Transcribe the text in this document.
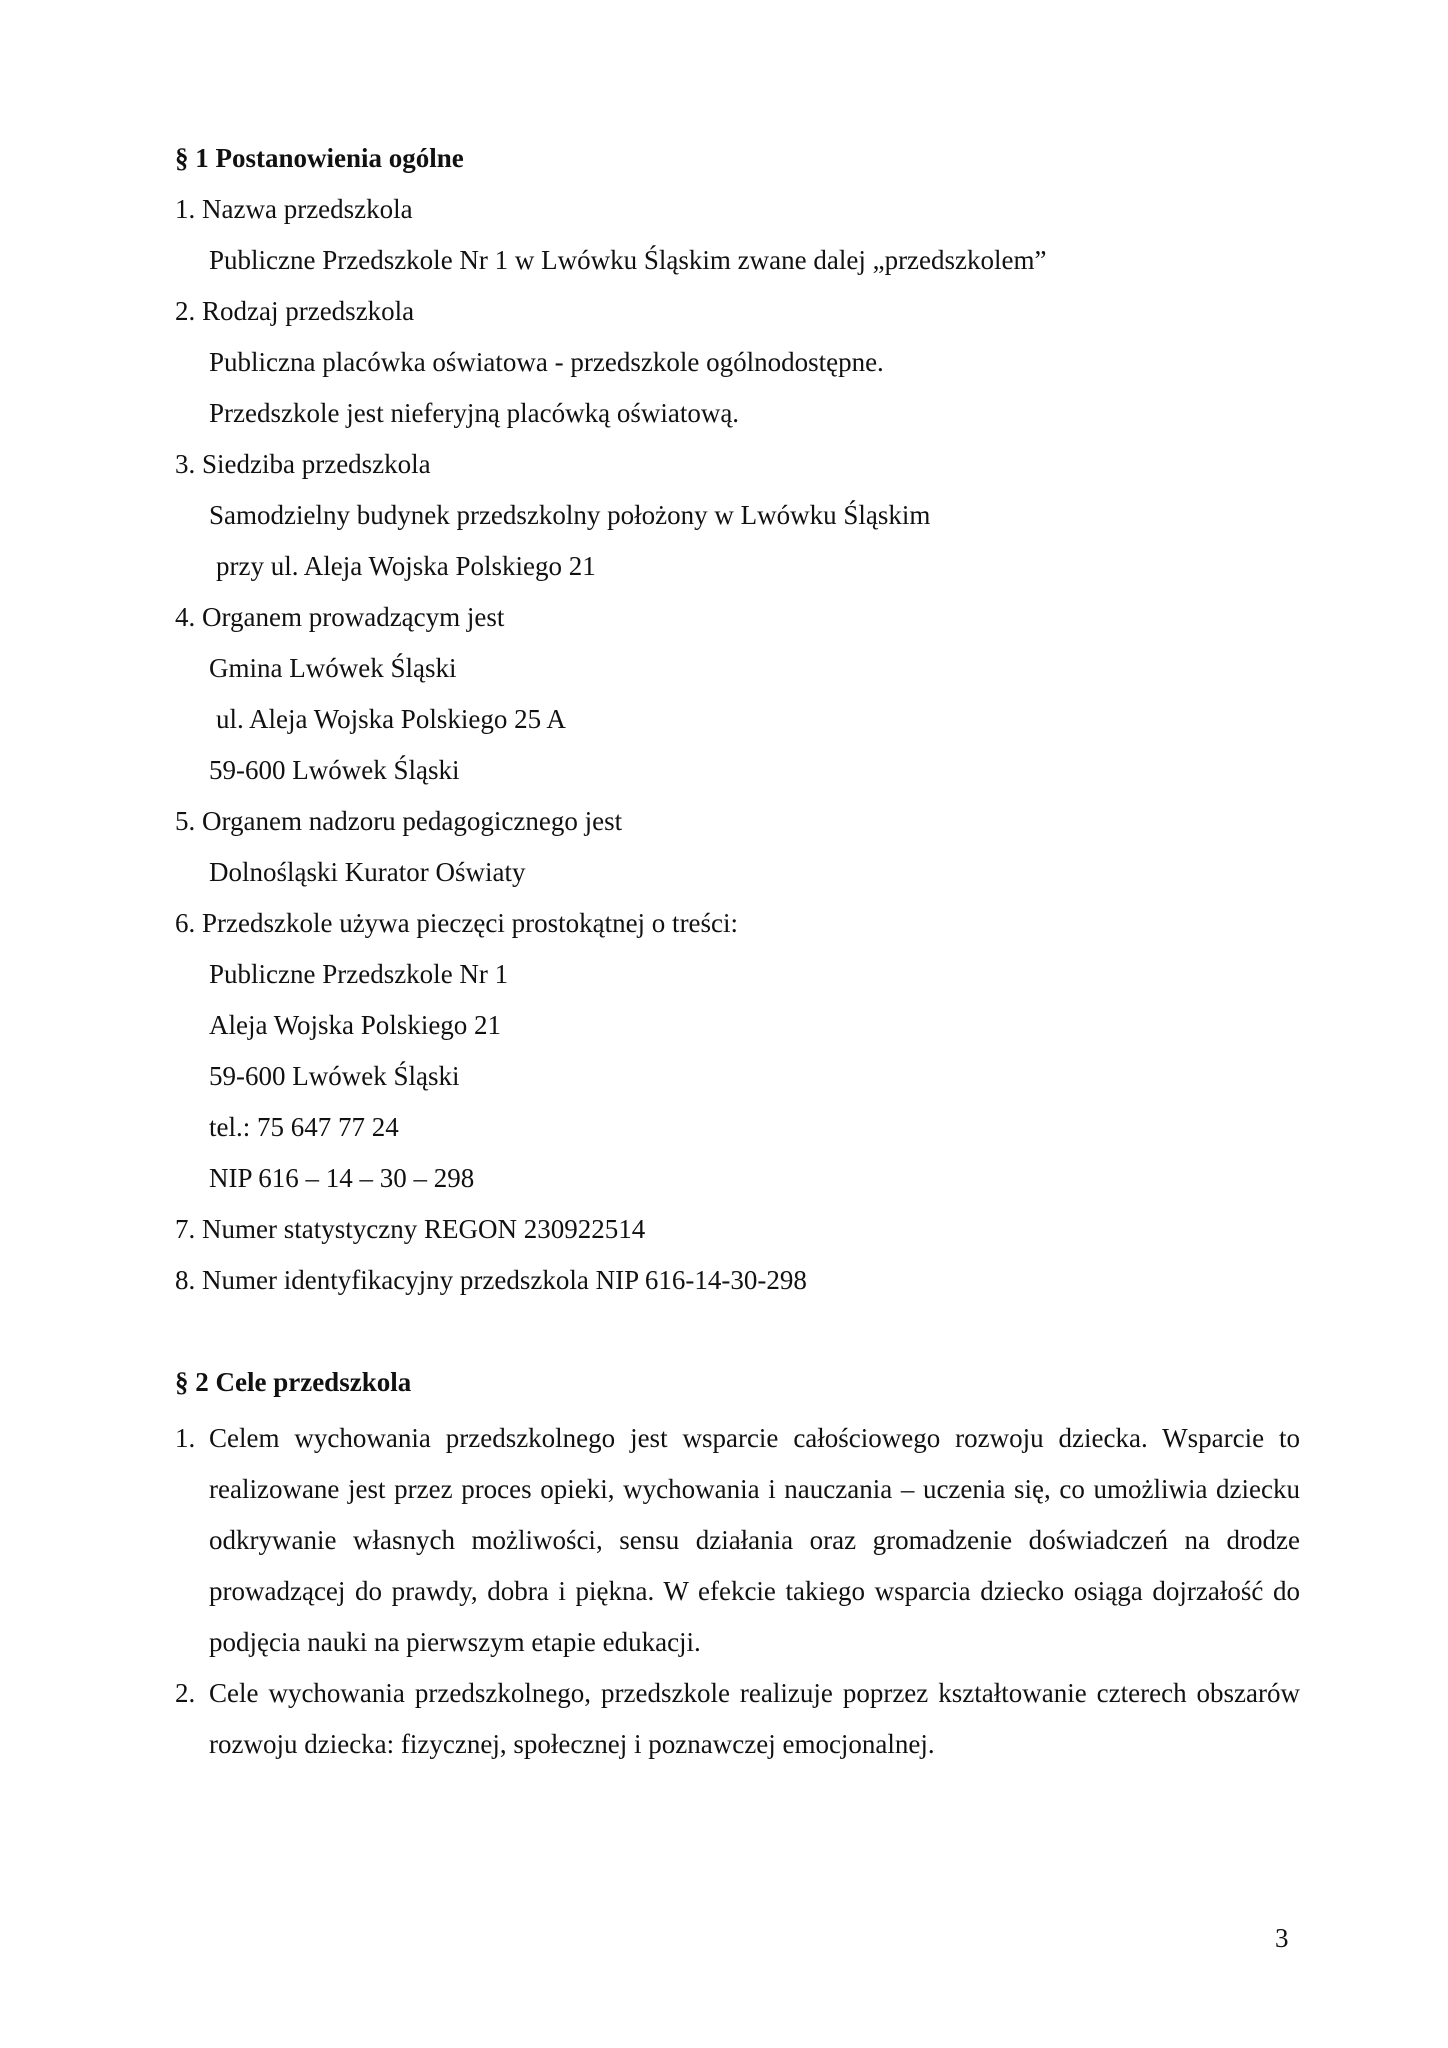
§ 1 Postanowienia ogólne
1. Nazwa przedszkola
Publiczne Przedszkole Nr 1 w Lwówku Śląskim zwane dalej „przedszkolem”
2. Rodzaj przedszkola
Publiczna placówka oświatowa - przedszkole ogólnodostępne.
Przedszkole jest nieferyjną placówką oświatową.
3. Siedziba przedszkola
Samodzielny budynek przedszkolny położony w Lwówku Śląskim
przy ul. Aleja Wojska Polskiego 21
4. Organem prowadzącym jest
Gmina Lwówek Śląski
ul. Aleja Wojska Polskiego 25 A
59-600 Lwówek Śląski
5. Organem nadzoru pedagogicznego jest
Dolnośląski Kurator Oświaty
6. Przedszkole używa pieczęci prostokątnej o treści:
Publiczne Przedszkole Nr 1
Aleja Wojska Polskiego 21
59-600 Lwówek Śląski
tel.: 75 647 77 24
NIP 616 – 14 – 30 – 298
7. Numer statystyczny REGON 230922514
8. Numer identyfikacyjny przedszkola NIP 616-14-30-298
§ 2 Cele przedszkola
1. Celem wychowania przedszkolnego jest wsparcie całościowego rozwoju dziecka. Wsparcie to realizowane jest przez proces opieki, wychowania i nauczania – uczenia się, co umożliwia dziecku odkrywanie własnych możliwości, sensu działania oraz gromadzenie doświadczeń na drodze prowadzącej do prawdy, dobra i piękna. W efekcie takiego wsparcia dziecko osiąga dojrzałość do podjęcia nauki na pierwszym etapie edukacji.
2. Cele wychowania przedszkolnego, przedszkole realizuje poprzez kształtowanie czterech obszarów rozwoju dziecka: fizycznej, społecznej i poznawczej emocjonalnej.
3
